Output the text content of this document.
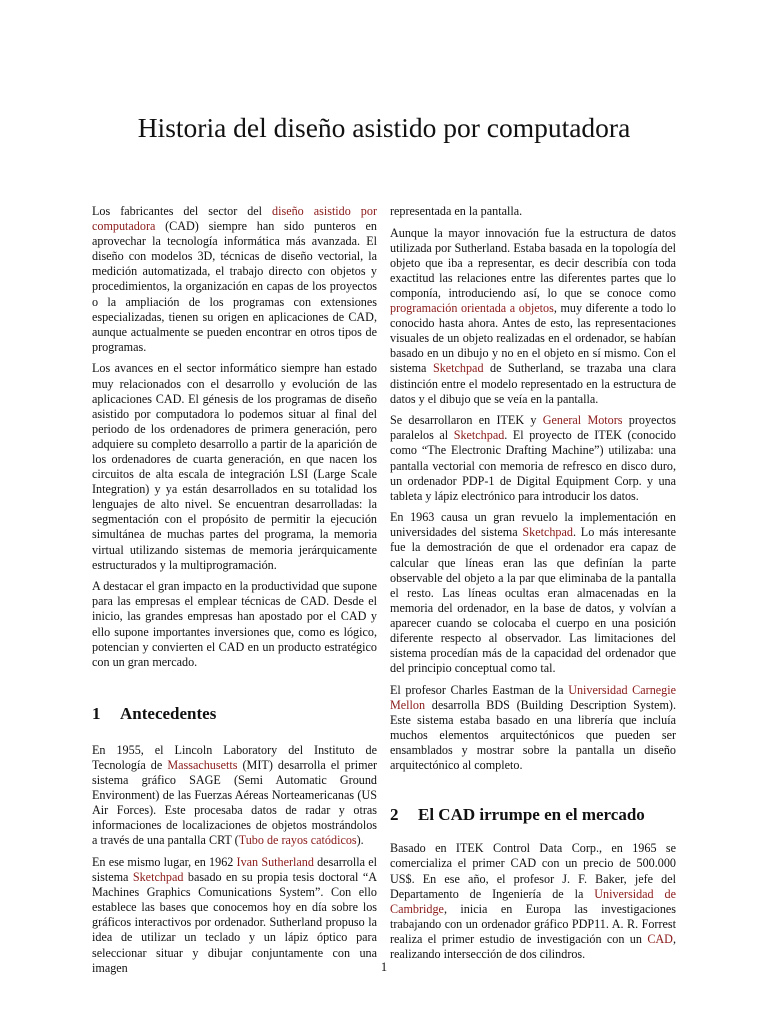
Historia del diseño asistido por computadora

Los fabricantes del sector del diseño asistido por computadora (CAD) siempre han sido punteros en aprovechar la tecnología informática más avanzada. El diseño con modelos 3D, técnicas de diseño vectorial, la medición automatizada, el trabajo directo con objetos y procedimientos, la organización en capas de los proyectos o la ampliación de los programas con extensiones especializadas, tienen su origen en aplicaciones de CAD, aunque actualmente se pueden encontrar en otros tipos de programas.

Los avances en el sector informático siempre han estado muy relacionados con el desarrollo y evolución de las aplicaciones CAD. El génesis de los programas de diseño asistido por computadora lo podemos situar al final del periodo de los ordenadores de primera generación, pero adquiere su completo desarrollo a partir de la aparición de los ordenadores de cuarta generación, en que nacen los circuitos de alta escala de integración LSI (Large Scale Integration) y ya están desarrollados en su totalidad los lenguajes de alto nivel. Se encuentran desarrolladas: la segmentación con el propósito de permitir la ejecución simultánea de muchas partes del programa, la memoria virtual utilizando sistemas de memoria jerárquicamente estructurados y la multiprogramación.

A destacar el gran impacto en la productividad que supone para las empresas el emplear técnicas de CAD. Desde el inicio, las grandes empresas han apostado por el CAD y ello supone importantes inversiones que, como es lógico, potencian y convierten el CAD en un producto estratégico con un gran mercado.

1 Antecedentes

En 1955, el Lincoln Laboratory del Instituto de Tecnología de Massachusetts (MIT) desarrolla el primer sistema gráfico SAGE (Semi Automatic Ground Environment) de las Fuerzas Aéreas Norteamericanas (US Air Forces). Este procesaba datos de radar y otras informaciones de localizaciones de objetos mostrándolos a través de una pantalla CRT (Tubo de rayos catódicos).

En ese mismo lugar, en 1962 Ivan Sutherland desarrolla el sistema Sketchpad basado en su propia tesis doctoral “A Machines Graphics Comunications System”. Con ello establece las bases que conocemos hoy en día sobre los gráficos interactivos por ordenador. Sutherland propuso la idea de utilizar un teclado y un lápiz óptico para seleccionar situar y dibujar conjuntamente con una imagen

representada en la pantalla.

Aunque la mayor innovación fue la estructura de datos utilizada por Sutherland. Estaba basada en la topología del objeto que iba a representar, es decir describía con toda exactitud las relaciones entre las diferentes partes que lo componía, introduciendo así, lo que se conoce como programación orientada a objetos, muy diferente a todo lo conocido hasta ahora. Antes de esto, las representaciones visuales de un objeto realizadas en el ordenador, se habían basado en un dibujo y no en el objeto en sí mismo. Con el sistema Sketchpad de Sutherland, se trazaba una clara distinción entre el modelo representado en la estructura de datos y el dibujo que se veía en la pantalla.

Se desarrollaron en ITEK y General Motors proyectos paralelos al Sketchpad. El proyecto de ITEK (conocido como “The Electronic Drafting Machine”) utilizaba: una pantalla vectorial con memoria de refresco en disco duro, un ordenador PDP-1 de Digital Equipment Corp. y una tableta y lápiz electrónico para introducir los datos.

En 1963 causa un gran revuelo la implementación en universidades del sistema Sketchpad. Lo más interesante fue la demostración de que el ordenador era capaz de calcular que líneas eran las que definían la parte observable del objeto a la par que eliminaba de la pantalla el resto. Las líneas ocultas eran almacenadas en la memoria del ordenador, en la base de datos, y volvían a aparecer cuando se colocaba el cuerpo en una posición diferente respecto al observador. Las limitaciones del sistema procedían más de la capacidad del ordenador que del principio conceptual como tal.

El profesor Charles Eastman de la Universidad Carnegie Mellon desarrolla BDS (Building Description System). Este sistema estaba basado en una librería que incluía muchos elementos arquitectónicos que pueden ser ensamblados y mostrar sobre la pantalla un diseño arquitectónico al completo.

2 El CAD irrumpe en el mercado

Basado en ITEK Control Data Corp., en 1965 se comercializa el primer CAD con un precio de 500.000 US$. En ese año, el profesor J. F. Baker, jefe del Departamento de Ingeniería de la Universidad de Cambridge, inicia en Europa las investigaciones trabajando con un ordenador gráfico PDP11. A. R. Forrest realiza el primer estudio de investigación con un CAD, realizando intersección de dos cilindros.

1
